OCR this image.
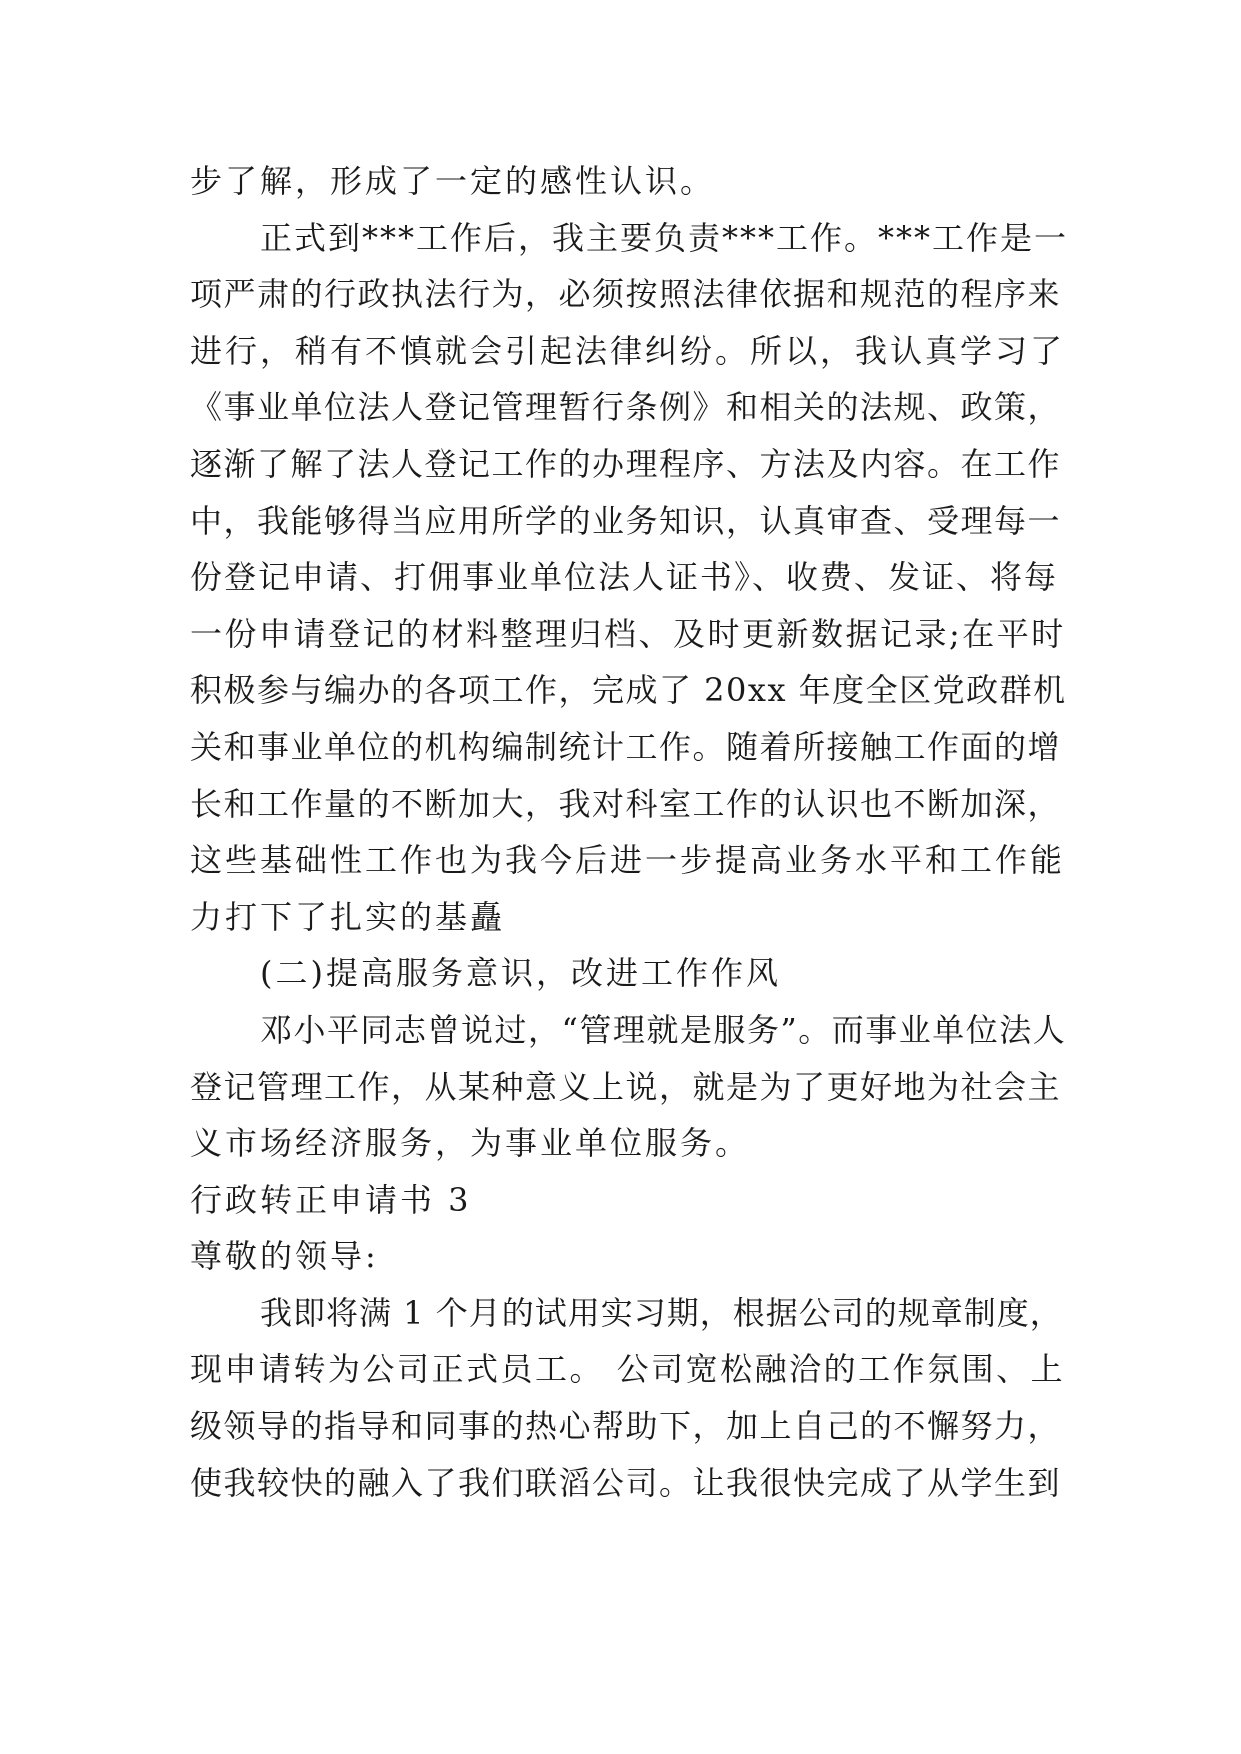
步了解，形成了一定的感性认识。
正式到***工作后，我主要负责***工作。***工作是一
项严肃的行政执法行为，必须按照法律依据和规范的程序来
进行，稍有不慎就会引起法律纠纷。所以，我认真学习了
《事业单位法人登记管理暂行条例》和相关的法规、政策，
逐渐了解了法人登记工作的办理程序、方法及内容。在工作
中，我能够得当应用所学的业务知识，认真审查、受理每一
份登记申请、打佣事业单位法人证书》、收费、发证、将每
一份申请登记的材料整理归档、及时更新数据记录;在平时
积极参与编办的各项工作，完成了 20xx 年度全区党政群机
关和事业单位的机构编制统计工作。随着所接触工作面的增
长和工作量的不断加大，我对科室工作的认识也不断加深，
这些基础性工作也为我今后进一步提高业务水平和工作能
力打下了扎实的基矗
(二)提高服务意识，改进工作作风
邓小平同志曾说过，“管理就是服务”。而事业单位法人
登记管理工作，从某种意义上说，就是为了更好地为社会主
义市场经济服务，为事业单位服务。
行政转正申请书 3
尊敬的领导:
我即将满 1 个月的试用实习期，根据公司的规章制度，
现申请转为公司正式员工。 公司宽松融洽的工作氛围、上
级领导的指导和同事的热心帮助下，加上自己的不懈努力，
使我较快的融入了我们联滔公司。让我很快完成了从学生到
